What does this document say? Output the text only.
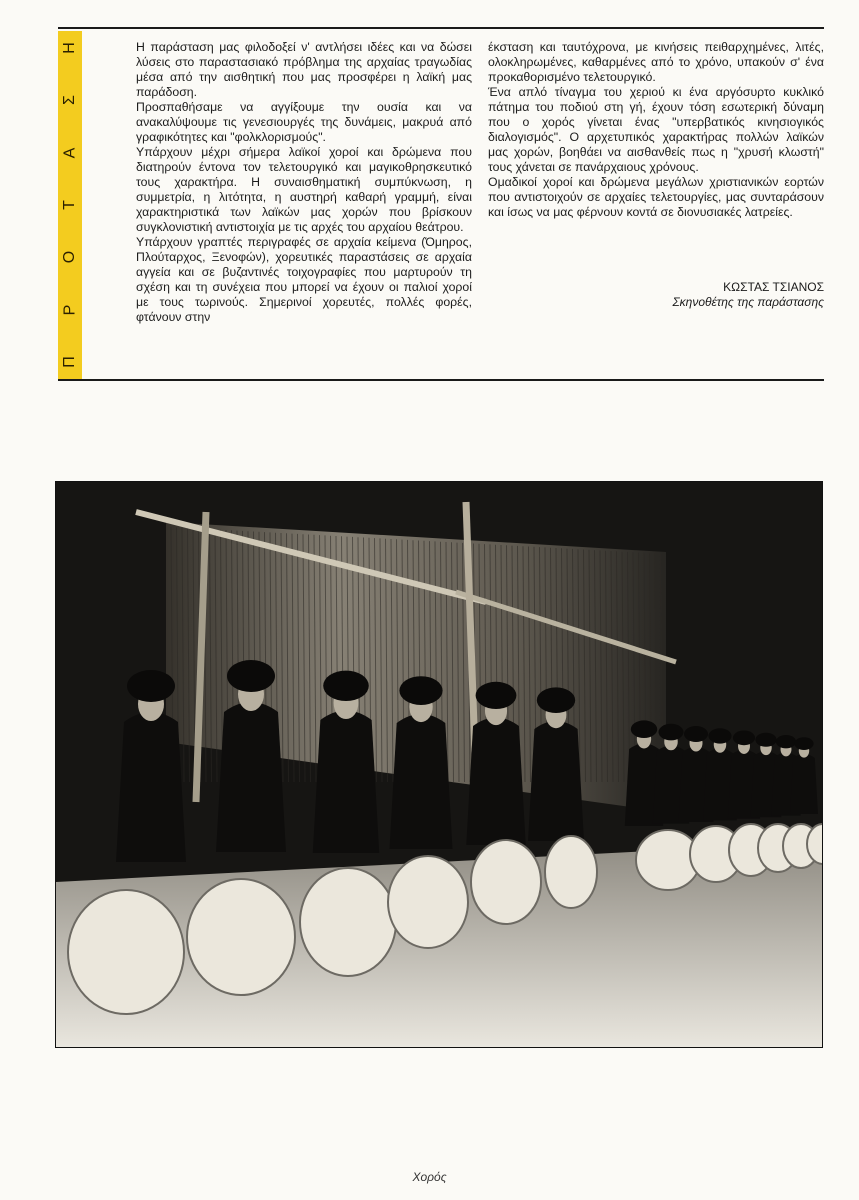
Η
Σ
Α
Τ
Ο
Ρ
Π

Η παράσταση μας φιλοδοξεί ν' αντλήσει ιδέες και να δώσει λύσεις στο παραστασιακό πρόβλημα της αρχαίας τραγωδίας μέσα από την αισθητική που μας προσφέρει η λαϊκή μας παράδοση.

Προσπαθήσαμε να αγγίξουμε την ουσία και να ανακαλύψουμε τις γενεσιουργές της δυνάμεις, μακρυά από γραφικότητες και "φολκλορισμούς".

Υπάρχουν μέχρι σήμερα λαϊκοί χοροί και δρώμενα που διατηρούν έντονα τον τελετουργικό και μαγικοθρησκευτικό τους χαρακτήρα. Η συναισθηματική συμπύκνωση, η συμμετρία, η λιτότητα, η αυστηρή καθαρή γραμμή, είναι χαρακτηριστικά των λαϊκών μας χορών που βρίσκουν συγκλονιστική αντιστοιχία με τις αρχές του αρχαίου θεάτρου.

Υπάρχουν γραπτές περιγραφές σε αρχαία κείμενα (Όμηρος, Πλούταρχος, Ξενοφών), χορευτικές παραστάσεις σε αρχαία αγγεία και σε βυζαντινές τοιχογραφίες που μαρτυρούν τη σχέση και τη συνέχεια που μπορεί να έχουν οι παλιοί χοροί με τους τωρινούς. Σημερινοί χορευτές, πολλές φορές, φτάνουν στην

έκσταση και ταυτόχρονα, με κινήσεις πειθαρχημένες, λιτές, ολοκληρωμένες, καθαρμένες από το χρόνο, υπακούν σ' ένα προκαθορισμένο τελετουργικό.

Ένα απλό τίναγμα του χεριού κι ένα αργόσυρτο κυκλικό πάτημα του ποδιού στη γή, έχουν τόση εσωτερική δύναμη που ο χορός γίνεται ένας "υπερβατικός κινησιογικός διαλογισμός". Ο αρχετυπικός χαρακτήρας πολλών λαϊκών μας χορών, βοηθάει να αισθανθείς πως η "χρυσή κλωστή" τους χάνεται σε πανάρχαιους χρόνους.

Ομαδικοί χοροί και δρώμενα μεγάλων χριστιανικών εορτών που αντιστοιχούν σε αρχαίες τελετουργίες, μας συνταράσουν και ίσως να μας φέρνουν κοντά σε διονυσιακές λατρείες.

ΚΩΣΤΑΣ ΤΣΙΑΝΟΣ
Σκηνοθέτης της παράστασης
Χορός
